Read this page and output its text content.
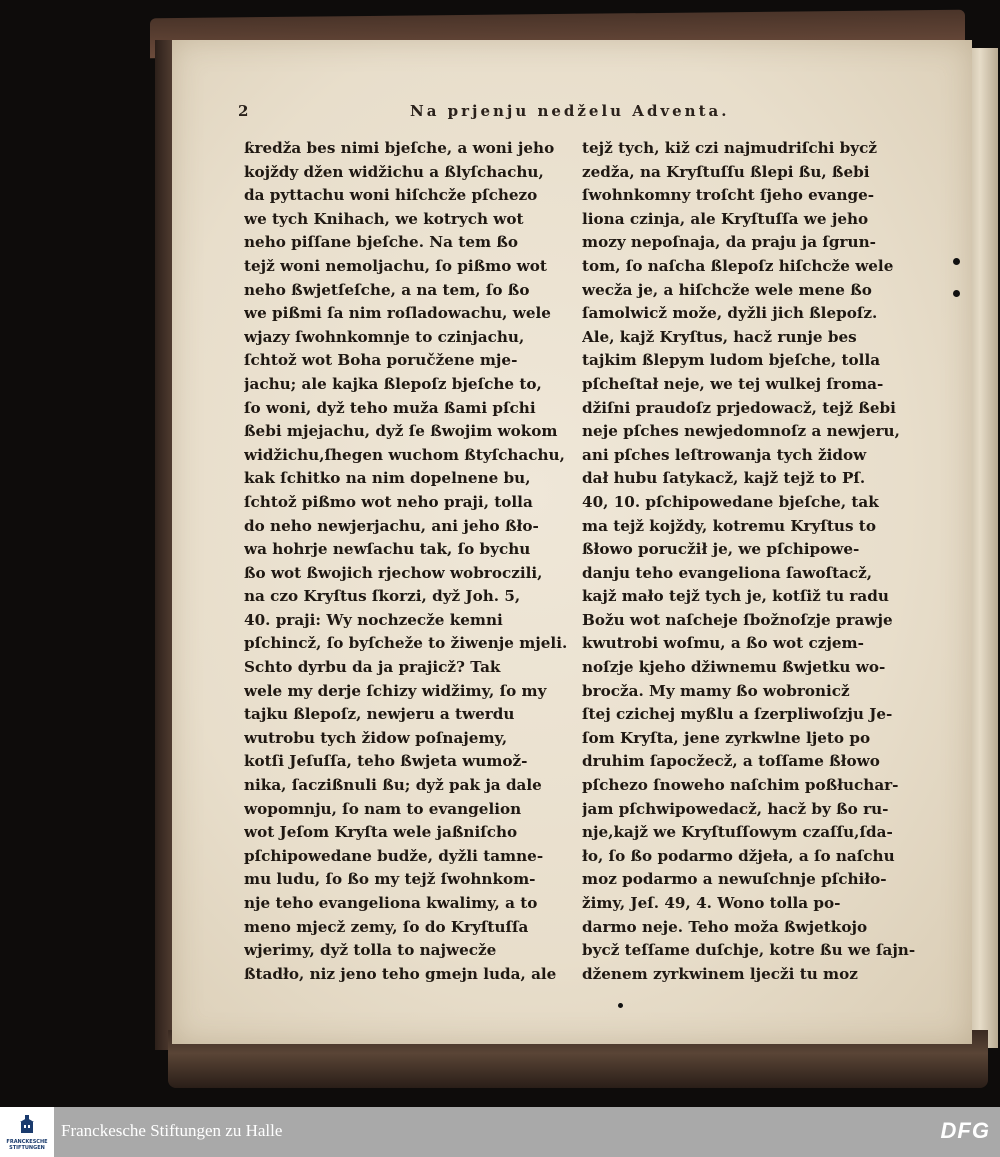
2	Na prjenju nedželu Adventa.
ƙredža bes nimi bjeſche, a woni jeho
kojždy džen widžichu a ßlyſchachu,
da pyttachu woni hiſchcže pſchezo
we tych Knihach, we kotrych wot
neho piſſane bjeſche. Na tem ßo
tejž woni nemoljachu, ſo pißmo wot
neho ßwjetſeſche, a na tem, ſo ßo
we pißmi ſa nim roſladowachu, wele
wjazy ſwohnkomnje to czinjachu,
ſchtož wot Boha poručžene mje-
jachu; ale kajka ßlepoſz bjeſche to,
ſo woni, dyž teho muža ßami pſchi
ßebi mjejachu, dyž ſe ßwojim wokom
widžichu,ſhegen wuchom ßtyſchachu,
kak ſchitko na nim dopelnene bu,
ſchtož pißmo wot neho praji, tolla
do neho newjerjachu, ani jeho ßło-
wa hohrje newſachu tak, ſo bychu
ßo wot ßwojich rjechow wobroczili,
na czo Kryſtus ſkorzi, dyž Joh. 5,
40. praji: Wy nochzecže kemni
pſchincž, ſo byſcheže to žiwenje mjeli.
Schto dyrbu da ja prajicž? Tak
wele my derje ſchizy widžimy, ſo my
tajku ßlepoſz, newjeru a twerdu
wutrobu tych židow poſnajemy,
kotſi Jeſuſſa, teho ßwjeta wumož-
nika, ſaczißnuli ßu; dyž pak ja dale
wopomnju, ſo nam to evangelion
wot Jeſom Kryſta wele jaßniſcho
pſchipowedane budže, dyžli tamne-
mu ludu, ſo ßo my tejž ſwohnkom-
nje teho evangeliona kwalimy, a to
meno mjecž zemy, ſo do Kryſtuſſa
wjerimy, dyž tolla to najwecže
ßtadło, niz jeno teho gmejn luda, ale
tejž tych, kiž czi najmudriſchi bycž
zedža, na Kryſtuſſu ßlepi ßu, ßebi
ſwohnkomny troſcht ſjeho evange-
liona czinja, ale Kryſtuſſa we jeho
mozy nepoſnaja, da praju ja ſgrun-
tom, ſo naſcha ßlepoſz hiſchcže wele
wecža je, a hiſchcže wele mene ßo
ſamolwicž može, dyžli jich ßlepoſz.
Ale, kajž Kryſtus, hacž runje bes
tajkim ßlepym ludom bjeſche, tolla
pſcheſtał neje, we tej wulkej ſroma-
džiſni praudoſz prjedowacž, tejž ßebi
neje pſches newjedomnoſz a newjeru,
ani pſches leſtrowanja tych židow
dał hubu ſatykacž, kajž tejž to Pſ.
40, 10. pſchipowedane bjeſche, tak
ma tejž kojždy, kotremu Kryſtus to
ßłowo porucžił je, we pſchipowe-
danju teho evangeliona ſawoſtacž,
kajž mało tejž tych je, kotſiž tu radu
Božu wot naſcheje ſbožnoſzje prawje
kwutrobi woſmu, a ßo wot czjem-
noſzje kjeho džiwnemu ßwjetku wo-
brocža. My mamy ßo wobronicž
ſtej czichej myßlu a ſzerpliwoſzju Je-
ſom Kryſta, jene zyrkwlne ljeto po
druhim ſapocžecž, a toſſame ßłowo
pſchezo ſnoweho naſchim poßłuchar-
jam pſchwipowedacž, hacž by ßo ru-
nje,kajž we Kryſtuſſowym czaſſu,ſda-
ło, ſo ßo podarmo džjeła, a ſo naſchu
moz podarmo a newuſchnje pſchiło-
žimy, Jeſ. 49, 4. Wono tolla po-
darmo neje. Teho moža ßwjetkojo
bycž teſſame duſchje, kotre ßu we ſajn-
dženem zyrkwinem ljecži tu moz
FRANCKESCHE STIFTUNGEN
Franckesche Stiftungen zu Halle	DFG
